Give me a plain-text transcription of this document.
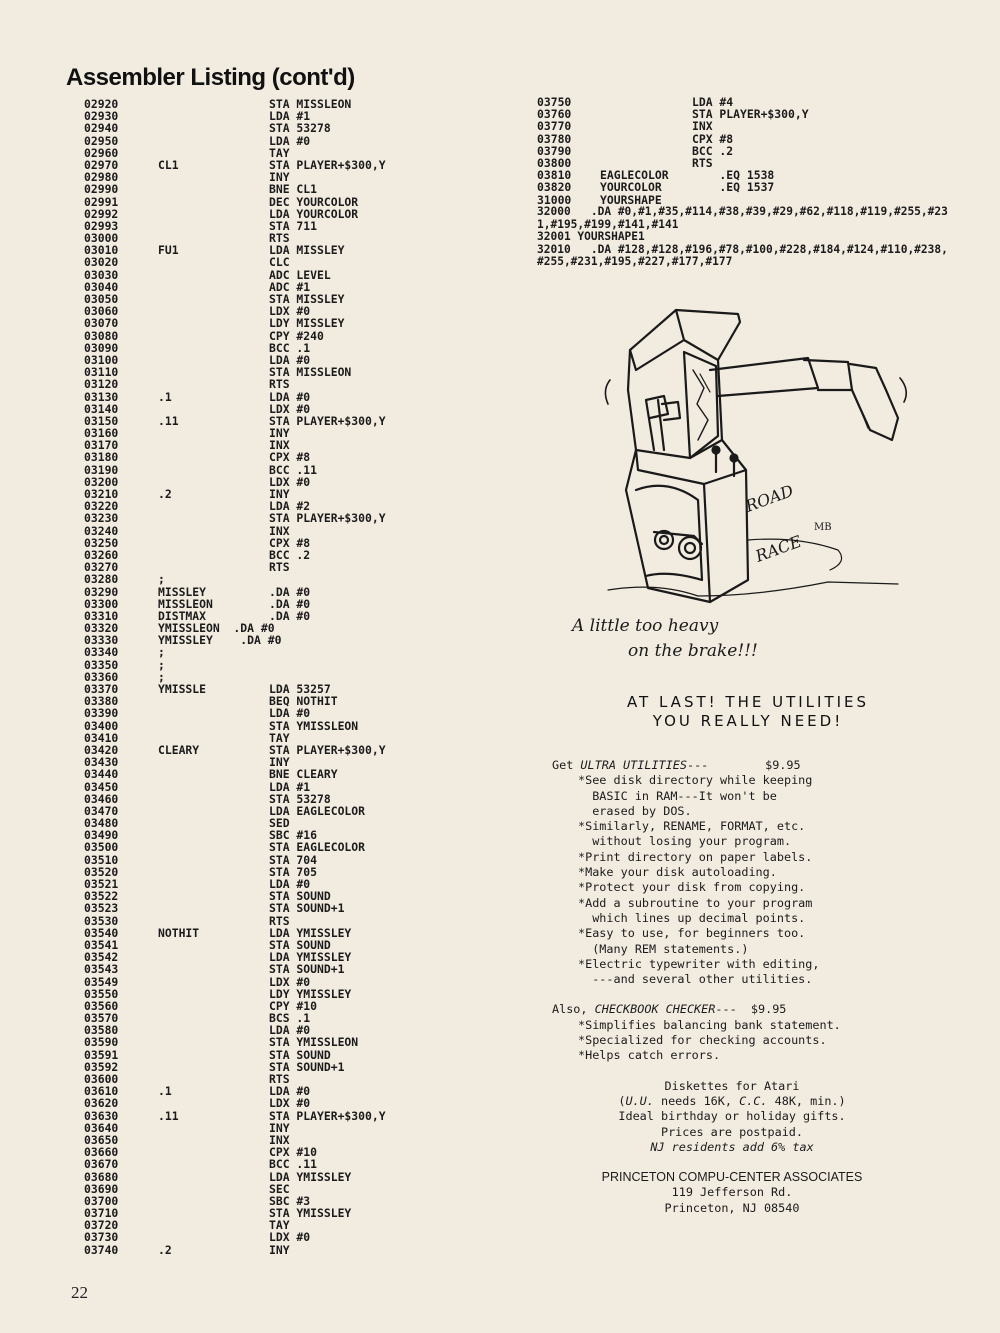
Assembler Listing (cont'd)
02920	STA MISSLEON
02930	LDA #1
02940	STA 53278
02950	LDA #0
02960	TAY
02970	CL1	STA PLAYER+$300,Y
02980	INY
02990	BNE CL1
02991	DEC YOURCOLOR
02992	LDA YOURCOLOR
02993	STA 711
03000	RTS
03010	FU1	LDA MISSLEY
03020	CLC
03030	ADC LEVEL
03040	ADC #1
03050	STA MISSLEY
03060	LDX #0
03070	LDY MISSLEY
03080	CPY #240
03090	BCC .1
03100	LDA #0
03110	STA MISSLEON
03120	RTS
03130	.1	LDA #0
03140	LDX #0
03150	.11	STA PLAYER+$300,Y
03160	INY
03170	INX
03180	CPX #8
03190	BCC .11
03200	LDX #0
03210	.2	INY
03220	LDA #2
03230	STA PLAYER+$300,Y
03240	INX
03250	CPX #8
03260	BCC .2
03270	RTS
03280	;
03290	MISSLEY	.DA #0
03300	MISSLEON	.DA #0
03310	DISTMAX	.DA #0
03320	YMISSLEON  .DA #0
03330	YMISSLEY    .DA #0
03340	;
03350	;
03360	;
03370	YMISSLE	LDA 53257
03380	BEQ NOTHIT
03390	LDA #0
03400	STA YMISSLEON
03410	TAY
03420	CLEARY	STA PLAYER+$300,Y
03430	INY
03440	BNE CLEARY
03450	LDA #1
03460	STA 53278
03470	LDA EAGLECOLOR
03480	SED
03490	SBC #16
03500	STA EAGLECOLOR
03510	STA 704
03520	STA 705
03521	LDA #0
03522	STA SOUND
03523	STA SOUND+1
03530	RTS
03540	NOTHIT	LDA YMISSLEY
03541	STA SOUND
03542	LDA YMISSLEY
03543	STA SOUND+1
03549	LDX #0
03550	LDY YMISSLEY
03560	CPY #10
03570	BCS .1
03580	LDA #0
03590	STA YMISSLEON
03591	STA SOUND
03592	STA SOUND+1
03600	RTS
03610	.1	LDA #0
03620	LDX #0
03630	.11	STA PLAYER+$300,Y
03640	INY
03650	INX
03660	CPX #10
03670	BCC .11
03680	LDA YMISSLEY
03690	SEC
03700	SBC #3
03710	STA YMISSLEY
03720	TAY
03730	LDX #0
03740	.2	INY
03750	LDA #4
03760	STA PLAYER+$300,Y
03770	INX
03780	CPX #8
03790	BCC .2
03800	RTS
03810	EAGLECOLOR    .EQ 1538
03820	YOURCOLOR	.EQ 1537
31000	YOURSHAPE
32000   .DA #0,#1,#35,#114,#38,#39,#29,#62,#118,#119,#255,#231,#195,#199,#141,#141
32001 YOURSHAPE1
32010   .DA #128,#128,#196,#78,#100,#228,#184,#124,#110,#238,#255,#231,#195,#227,#177,#177
ROAD
RACE
MB
A little too heavy
on the brake!!!
AT LAST! THE UTILITIES
YOU REALLY NEED!
Get ULTRA UTILITIES---        $9.95
*See disk directory while keeping
BASIC in RAM---It won't be
erased by DOS.
*Similarly, RENAME, FORMAT, etc.
without losing your program.
*Print directory on paper labels.
*Make your disk autoloading.
*Protect your disk from copying.
*Add a subroutine to your program
which lines up decimal points.
*Easy to use, for beginners too.
(Many REM statements.)
*Electric typewriter with editing,
---and several other utilities.
Also, CHECKBOOK CHECKER---  $9.95
*Simplifies balancing bank statement.
*Specialized for checking accounts.
*Helps catch errors.
Diskettes for Atari
(U.U. needs 16K, C.C. 48K, min.)
Ideal birthday or holiday gifts.
Prices are postpaid.
NJ residents add 6% tax
PRINCETON COMPU-CENTER ASSOCIATES
119 Jefferson Rd.
Princeton, NJ 08540
22
